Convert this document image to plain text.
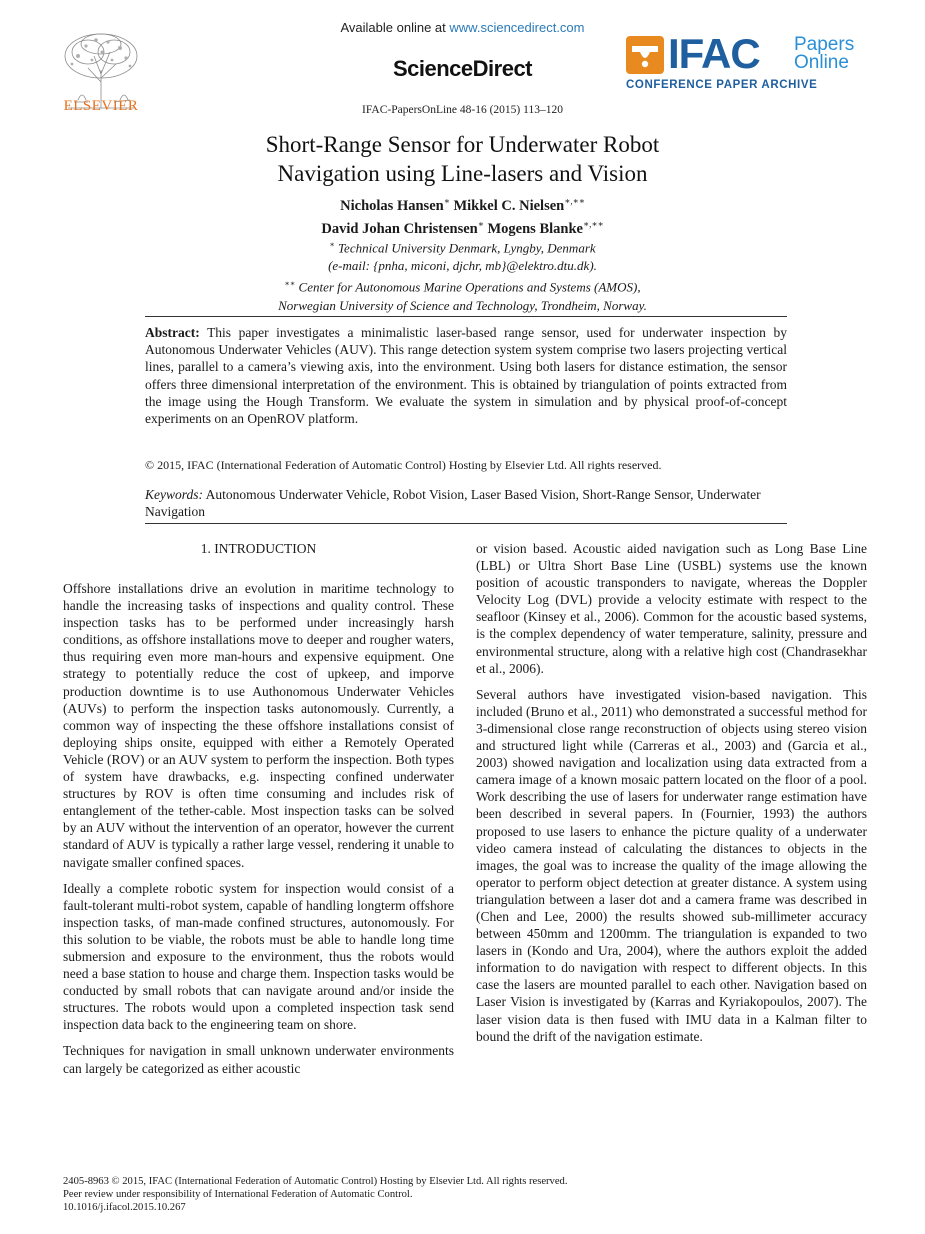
ELSEVIER
Available online at www.sciencedirect.com
ScienceDirect
IFAC-PapersOnLine 48-16 (2015) 113–120
IFAC Papers
Online
CONFERENCE PAPER ARCHIVE
Short-Range Sensor for Underwater Robot
Navigation using Line-lasers and Vision
Nicholas Hansen∗ Mikkel C. Nielsen∗,∗∗
David Johan Christensen∗ Mogens Blanke∗,∗∗
∗ Technical University Denmark, Lyngby, Denmark
(e-mail: {pnha, miconi, djchr, mb}@elektro.dtu.dk).
∗∗ Center for Autonomous Marine Operations and Systems (AMOS),
Norwegian University of Science and Technology, Trondheim, Norway.
Abstract: This paper investigates a minimalistic laser-based range sensor, used for underwater inspection by Autonomous Underwater Vehicles (AUV). This range detection system system comprise two lasers projecting vertical lines, parallel to a camera’s viewing axis, into the environment. Using both lasers for distance estimation, the sensor offers three dimensional interpretation of the environment. This is obtained by triangulation of points extracted from the image using the Hough Transform. We evaluate the system in simulation and by physical proof-of-concept experiments on an OpenROV platform.
© 2015, IFAC (International Federation of Automatic Control) Hosting by Elsevier Ltd. All rights reserved.
Keywords: Autonomous Underwater Vehicle, Robot Vision, Laser Based Vision, Short-Range Sensor, Underwater Navigation
1. INTRODUCTION

Offshore installations drive an evolution in maritime technology to handle the increasing tasks of inspections and quality control. These inspection tasks has to be performed under increasingly harsh conditions, as offshore installations move to deeper and rougher waters, thus requiring even more man-hours and expensive equipment. One strategy to potentially reduce the cost of upkeep, and imporve production downtime is to use Authonomous Underwater Vehicles (AUVs) to perform the inspection tasks autonomously. Currently, a common way of inspecting the these offshore installations consist of deploying ships onsite, equipped with either a Remotely Operated Vehicle (ROV) or an AUV system to perform the inspection. Both types of system have drawbacks, e.g. inspecting confined underwater structures by ROV is often time consuming and includes risk of entanglement of the tether-cable. Most inspection tasks can be solved by an AUV without the intervention of an operator, however the current standard of AUV is typically a rather large vessel, rendering it unable to navigate smaller confined spaces.

Ideally a complete robotic system for inspection would consist of a fault-tolerant multi-robot system, capable of handling longterm offshore inspection tasks, of man-made confined structures, autonomously. For this solution to be viable, the robots must be able to handle long time submersion and exposure to the environment, thus the robots would need a base station to house and charge them. Inspection tasks would be conducted by small robots that can navigate around and/or inside the structures. The robots would upon a completed inspection task send inspection data back to the engineering team on shore.

Techniques for navigation in small unknown underwater environments can largely be categorized as either acoustic

or vision based. Acoustic aided navigation such as Long Base Line (LBL) or Ultra Short Base Line (USBL) systems use the known position of acoustic transponders to navigate, whereas the Doppler Velocity Log (DVL) provide a velocity estimate with respect to the seafloor (Kinsey et al., 2006). Common for the acoustic based systems, is the complex dependency of water temperature, salinity, pressure and environmental structure, along with a relative high cost (Chandrasekhar et al., 2006).

Several authors have investigated vision-based navigation. This included (Bruno et al., 2011) who demonstrated a successful method for 3-dimensional close range reconstruction of objects using stereo vision and structured light while (Carreras et al., 2003) and (Garcia et al., 2003) showed navigation and localization using data extracted from a camera image of a known mosaic pattern located on the floor of a pool. Work describing the use of lasers for underwater range estimation have been described in several papers. In (Fournier, 1993) the authors proposed to use lasers to enhance the picture quality of a underwater video camera instead of calculating the distances to objects in the images, the goal was to increase the quality of the image allowing the operator to perform object detection at greater distance. A system using triangulation between a laser dot and a camera frame was described in (Chen and Lee, 2000) the results showed sub-millimeter accuracy between 450mm and 1200mm. The triangulation is expanded to two lasers in (Kondo and Ura, 2004), where the authors exploit the added information to do navigation with respect to different objects. In this case the lasers are mounted parallel to each other. Navigation based on Laser Vision is investigated by (Karras and Kyriakopoulos, 2007). The laser vision data is then fused with IMU data in a Kalman filter to bound the drift of the navigation estimate.

2405-8963 © 2015, IFAC (International Federation of Automatic Control) Hosting by Elsevier Ltd. All rights reserved.
Peer review under responsibility of International Federation of Automatic Control.
10.1016/j.ifacol.2015.10.267
